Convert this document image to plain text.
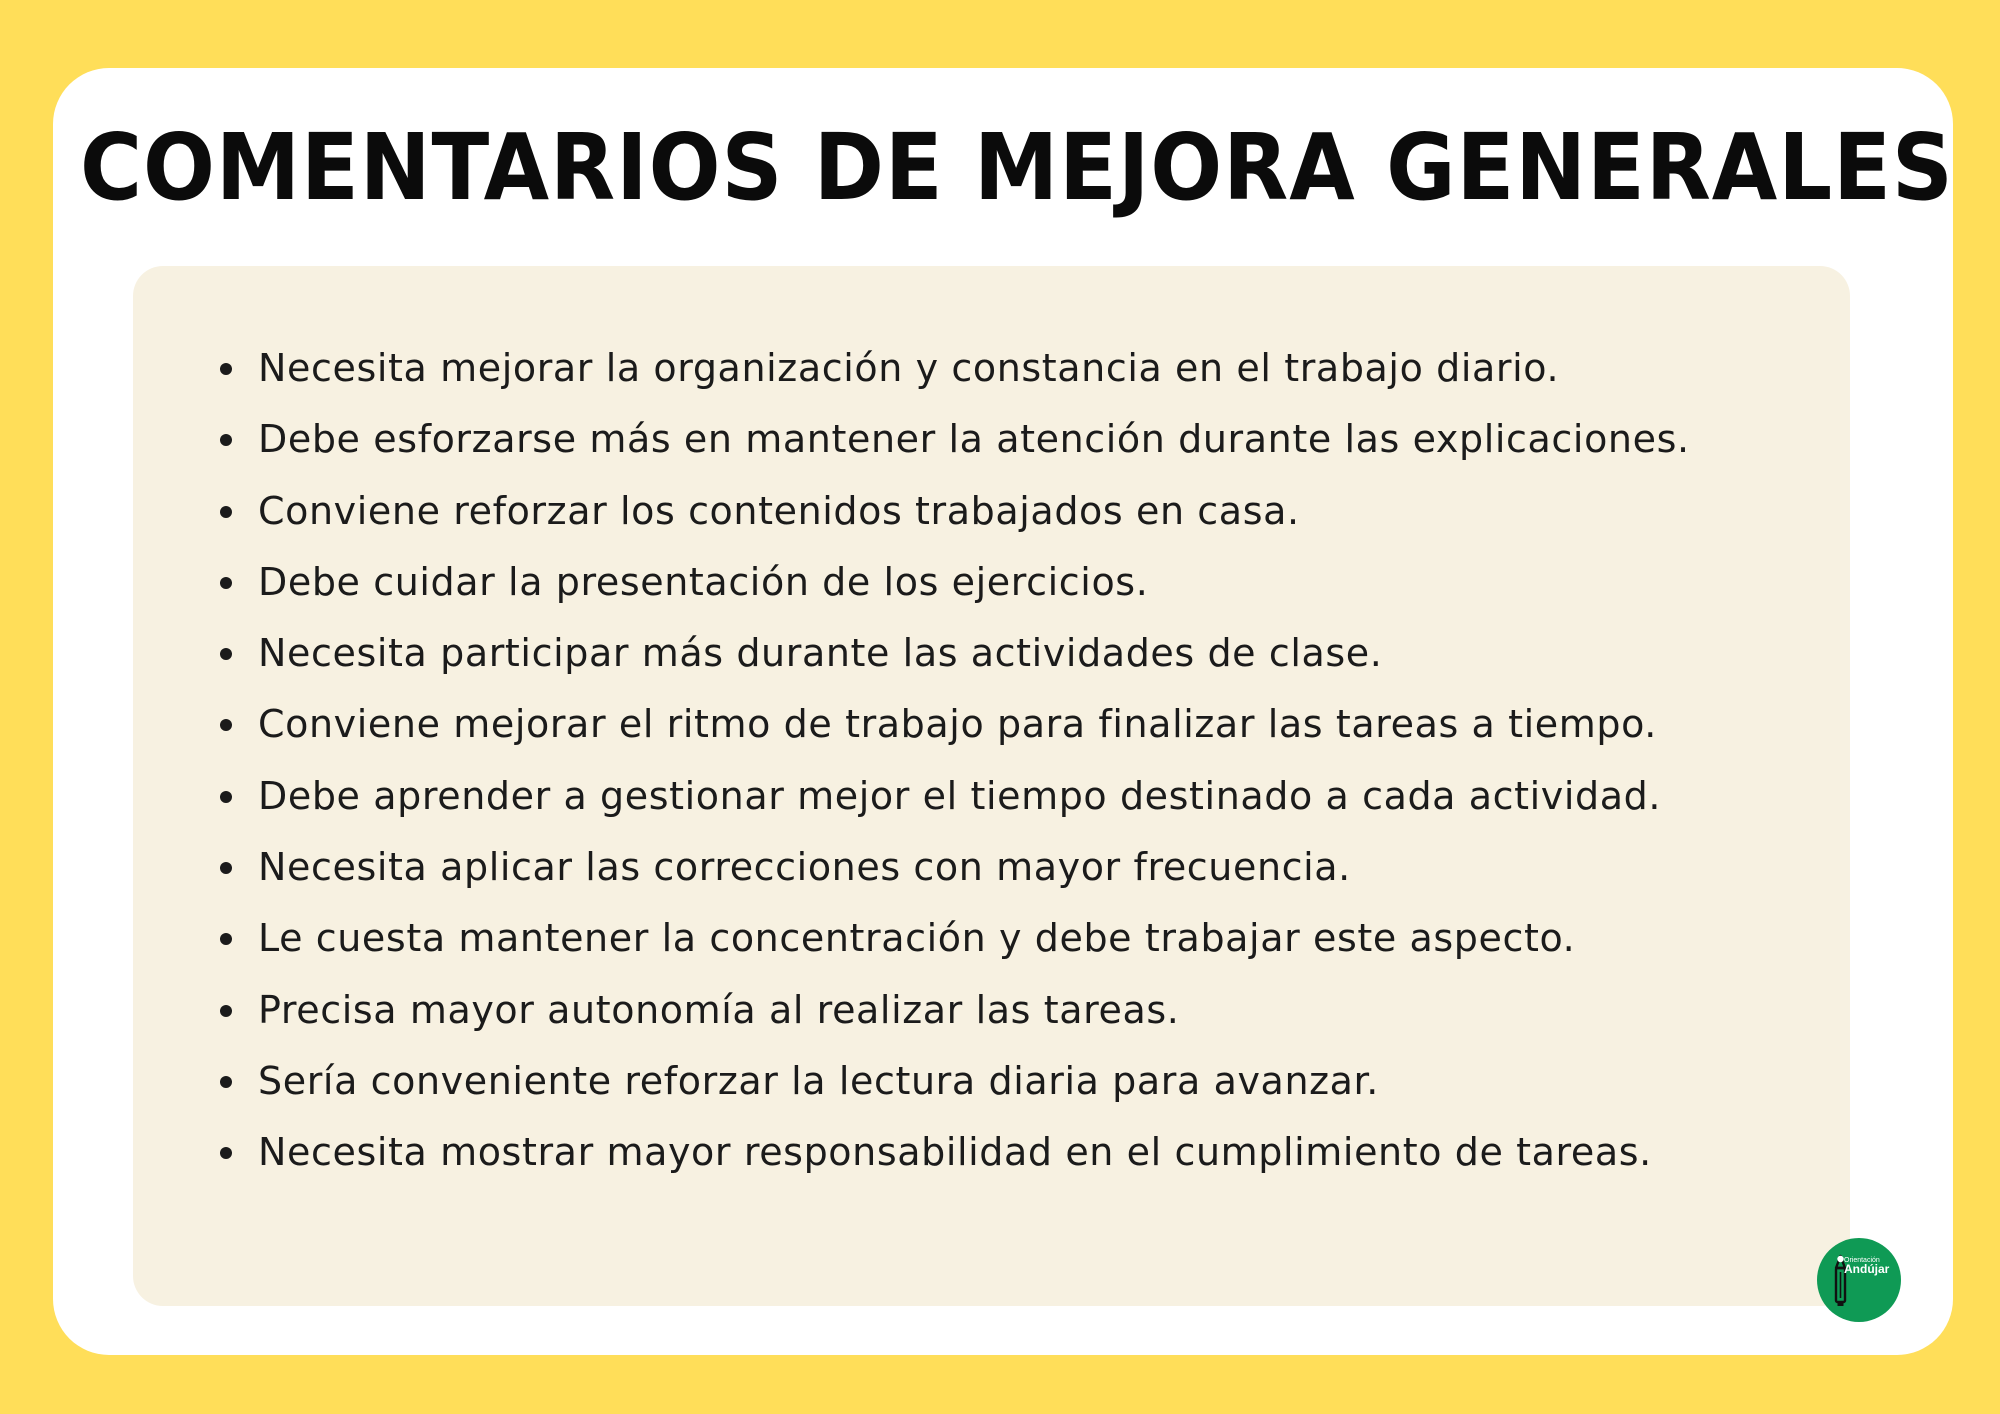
COMENTARIOS DE MEJORA GENERALES
Necesita mejorar la organización y constancia en el trabajo diario.
Debe esforzarse más en mantener la atención durante las explicaciones.
Conviene reforzar los contenidos trabajados en casa.
Debe cuidar la presentación de los ejercicios.
Necesita participar más durante las actividades de clase.
Conviene mejorar el ritmo de trabajo para finalizar las tareas a tiempo.
Debe aprender a gestionar mejor el tiempo destinado a cada actividad.
Necesita aplicar las correcciones con mayor frecuencia.
Le cuesta mantener la concentración y debe trabajar este aspecto.
Precisa mayor autonomía al realizar las tareas.
Sería conveniente reforzar la lectura diaria para avanzar.
Necesita mostrar mayor responsabilidad en el cumplimiento de tareas.
Orientación
Andújar
